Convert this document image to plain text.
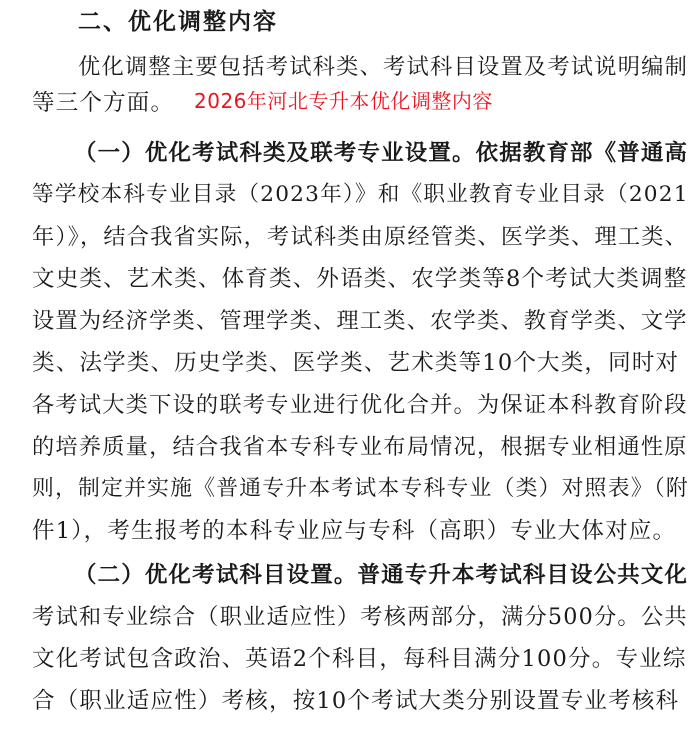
二、优化调整内容
优化调整主要包括考试科类、考试科目设置及考试说明编制
等三个方面。 2026年河北专升本优化调整内容
（一）优化考试科类及联考专业设置。依据教育部《普通高
等学校本科专业目录（2023年）》和《职业教育专业目录（2021
年）》，结合我省实际，考试科类由原经管类、医学类、理工类、
文史类、艺术类、体育类、外语类、农学类等8个考试大类调整
设置为经济学类、管理学类、理工类、农学类、教育学类、文学
类、法学类、历史学类、医学类、艺术类等10个大类，同时对
各考试大类下设的联考专业进行优化合并。为保证本科教育阶段
的培养质量，结合我省本专科专业布局情况，根据专业相通性原
则，制定并实施《普通专升本考试本专科专业（类）对照表》（附
件1），考生报考的本科专业应与专科（高职）专业大体对应。
（二）优化考试科目设置。普通专升本考试科目设公共文化
考试和专业综合（职业适应性）考核两部分，满分500分。公共
文化考试包含政治、英语2个科目，每科目满分100分。专业综
合（职业适应性）考核，按10个考试大类分别设置专业考核科
